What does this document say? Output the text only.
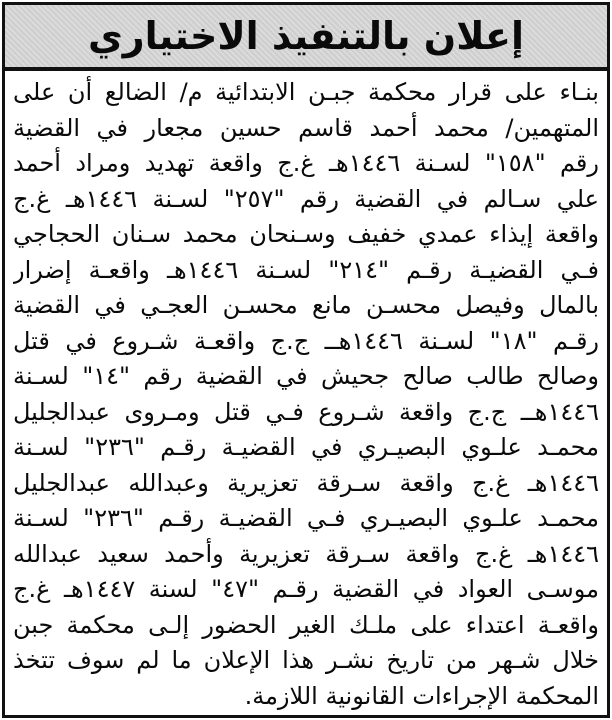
إعلان بالتنفيذ الاختياري
بنـاء على قرار محكمة جبـن الابتدائية م/ الضالع أن على
المتهمين/ محمد أحمد قاسم حسين مجعار في القضية
رقم "١٥٨" لسـنة ١٤٤٦هـ غ.ج واقعة تهديد ومراد أحمد
علي سـالم في القضية رقم "٢٥٧" لسـنة ١٤٤٦هـ غ.ج
واقعة إيذاء عمدي خفيف وسـنحان محمد سـنان الحجاجي
فـي القضيـة رقـم "٢١٤" لسـنة ١٤٤٦هـ واقعـة إضرار
بالمال وفيصل محسـن مانع محسـن العجـي في القضية
رقـم "١٨" لسـنة ١٤٤٦هــ ج.ج واقعـة شـروع في قتل
وصالح طالب صالح جحيش في القضية رقم "١٤" لسـنة
١٤٤٦هــ ج.ج واقعة شـروع فـي قتل ومـروى عبدالجليل
محمـد علـوي البصيـري في القضيـة رقـم "٢٣٦" لسـنة
١٤٤٦هـ غ.ج واقعة سـرقة تعزيرية وعبدالله عبدالجليل
محمـد علـوي البصيـري فـي القضيـة رقـم "٢٣٦" لسـنة
١٤٤٦هـ غ.ج واقعة سـرقة تعزيرية وأحمد سعيد عبدالله
موسـى العواد في القضية رقـم "٤٧" لسنة ١٤٤٧هـ غ.ج
واقعـة اعتداء على ملـك الغير الحضور إلـى محكمة جبن
خلال شـهر من تاريخ نشـر هذا الإعلان ما لم سوف تتخذ
المحكمة الإجراءات القانونية اللازمة.
